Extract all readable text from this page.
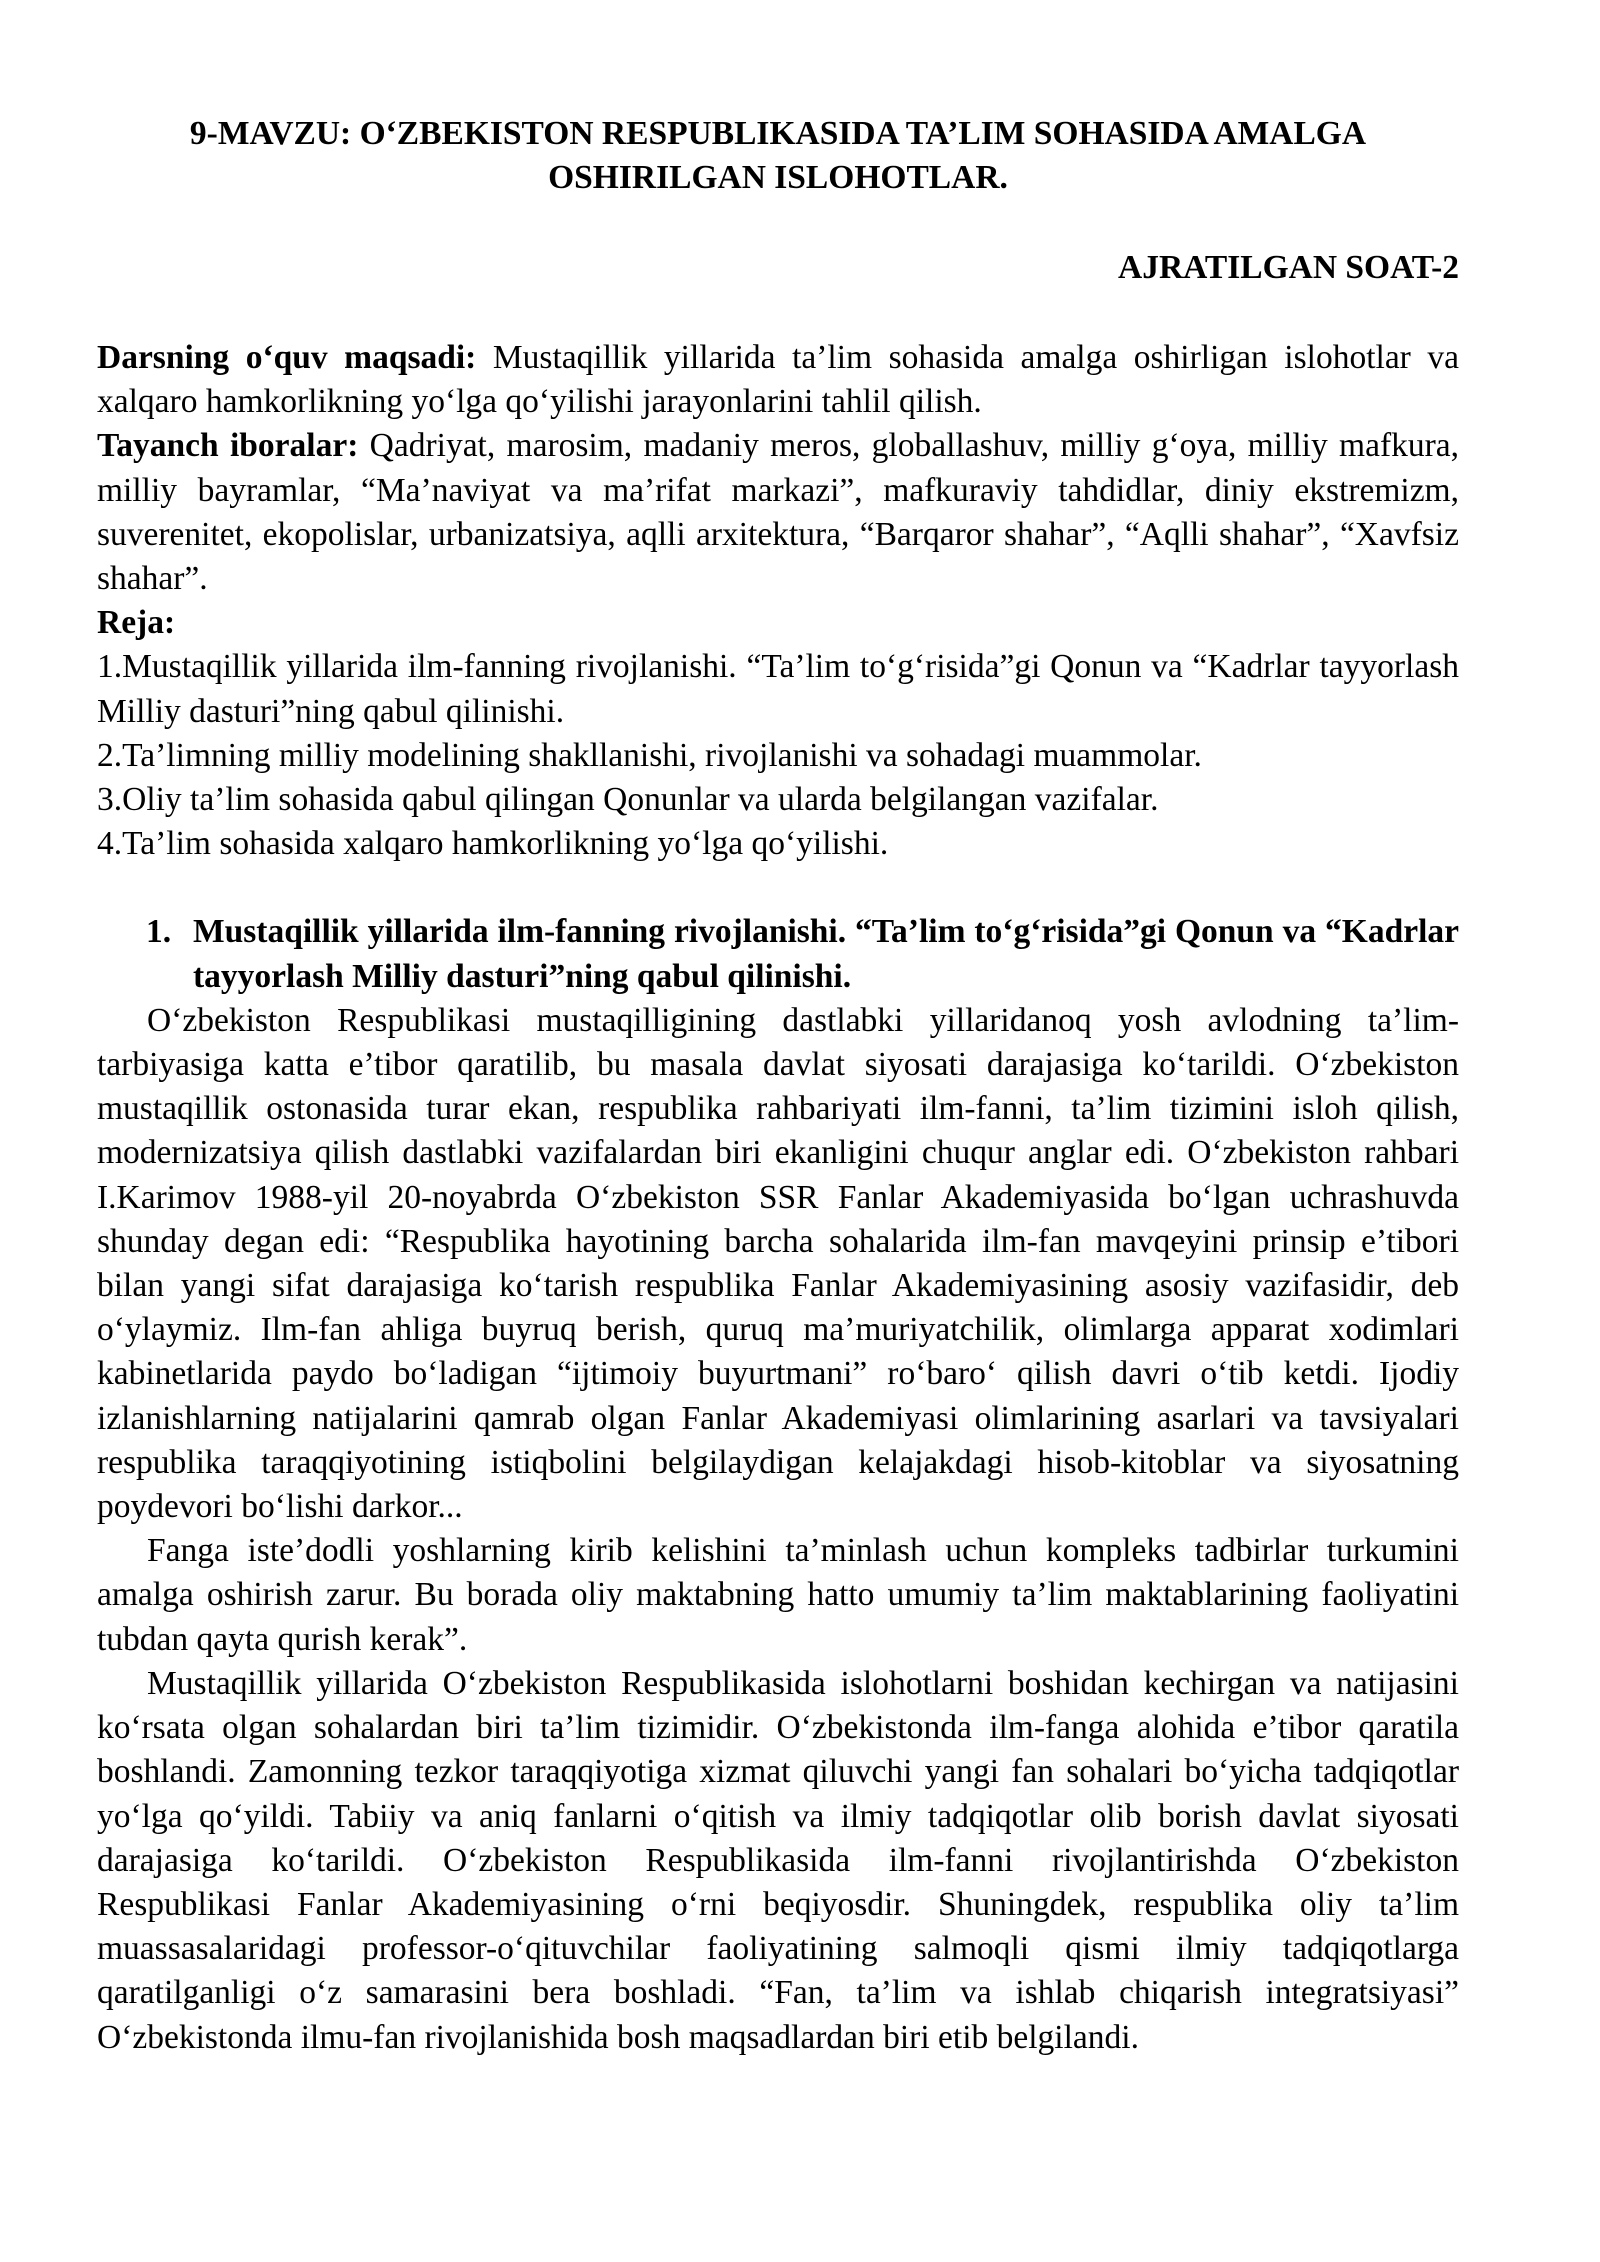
9-MAVZU: O‘ZBEKISTON RESPUBLIKASIDA TA’LIM SOHASIDA AMALGA OSHIRILGAN ISLOHOTLAR.
AJRATILGAN SOAT-2
Darsning o‘quv maqsadi: Mustaqillik yillarida ta’lim sohasida amalga oshirligan islohotlar va xalqaro hamkorlikning yo‘lga qo‘yilishi jarayonlarini tahlil qilish.
Tayanch iboralar: Qadriyat, marosim, madaniy meros, globallashuv, milliy g‘oya, milliy mafkura, milliy bayramlar, “Ma’naviyat va ma’rifat markazi”, mafkuraviy tahdidlar, diniy ekstremizm, suverenitet, ekopolislar, urbanizatsiya, aqlli arxitektura, “Barqaror shahar”, “Aqlli shahar”, “Xavfsiz shahar”.
Reja:
1.Mustaqillik yillarida ilm-fanning rivojlanishi. “Ta’lim to‘g‘risida”gi Qonun va “Kadrlar tayyorlash Milliy dasturi”ning qabul qilinishi.
2.Ta’limning milliy modelining shakllanishi, rivojlanishi va sohadagi muammolar.
3.Oliy ta’lim sohasida qabul qilingan Qonunlar va ularda belgilangan vazifalar.
4.Ta’lim sohasida xalqaro hamkorlikning yo‘lga qo‘yilishi.
1. Mustaqillik yillarida ilm-fanning rivojlanishi. “Ta’lim to‘g‘risida”gi Qonun va “Kadrlar tayyorlash Milliy dasturi”ning qabul qilinishi.
O‘zbekiston Respublikasi mustaqilligining dastlabki yillaridanoq yosh avlodning ta’lim-tarbiyasiga katta e’tibor qaratilib, bu masala davlat siyosati darajasiga ko‘tarildi. O‘zbekiston mustaqillik ostonasida turar ekan, respublika rahbariyati ilm-fanni, ta’lim tizimini isloh qilish, modernizatsiya qilish dastlabki vazifalardan biri ekanligini chuqur anglar edi. O‘zbekiston rahbari I.Karimov 1988-yil 20-noyabrda O‘zbekiston SSR Fanlar Akademiyasida bo‘lgan uchrashuvda shunday degan edi: “Respublika hayotining barcha sohalarida ilm-fan mavqeyini prinsip e’tibori bilan yangi sifat darajasiga ko‘tarish respublika Fanlar Akademiyasining asosiy vazifasidir, deb o‘ylaymiz. Ilm-fan ahliga buyruq berish, quruq ma’muriyatchilik, olimlarga apparat xodimlari kabinetlarida paydo bo‘ladigan “ijtimoiy buyurtmani” ro‘baro‘ qilish davri o‘tib ketdi. Ijodiy izlanishlarning natijalarini qamrab olgan Fanlar Akademiyasi olimlarining asarlari va tavsiyalari respublika taraqqiyotining istiqbolini belgilaydigan kelajakdagi hisob-kitoblar va siyosatning poydevori bo‘lishi darkor...
Fanga iste’dodli yoshlarning kirib kelishini ta’minlash uchun kompleks tadbirlar turkumini amalga oshirish zarur. Bu borada oliy maktabning hatto umumiy ta’lim maktablarining faoliyatini tubdan qayta qurish kerak”.
Mustaqillik yillarida O‘zbekiston Respublikasida islohotlarni boshidan kechirgan va natijasini ko‘rsata olgan sohalardan biri ta’lim tizimidir. O‘zbekistonda ilm-fanga alohida e’tibor qaratila boshlandi. Zamonning tezkor taraqqiyotiga xizmat qiluvchi yangi fan sohalari bo‘yicha tadqiqotlar yo‘lga qo‘yildi. Tabiiy va aniq fanlarni o‘qitish va ilmiy tadqiqotlar olib borish davlat siyosati darajasiga ko‘tarildi. O‘zbekiston Respublikasida ilm-fanni rivojlantirishda O‘zbekiston Respublikasi Fanlar Akademiyasining o‘rni beqiyosdir. Shuningdek, respublika oliy ta’lim muassasalaridagi professor-o‘qituvchilar faoliyatining salmoqli qismi ilmiy tadqiqotlarga qaratilganligi o‘z samarasini bera boshladi. “Fan, ta’lim va ishlab chiqarish integratsiyasi” O‘zbekistonda ilmu-fan rivojlanishida bosh maqsadlardan biri etib belgilandi.
